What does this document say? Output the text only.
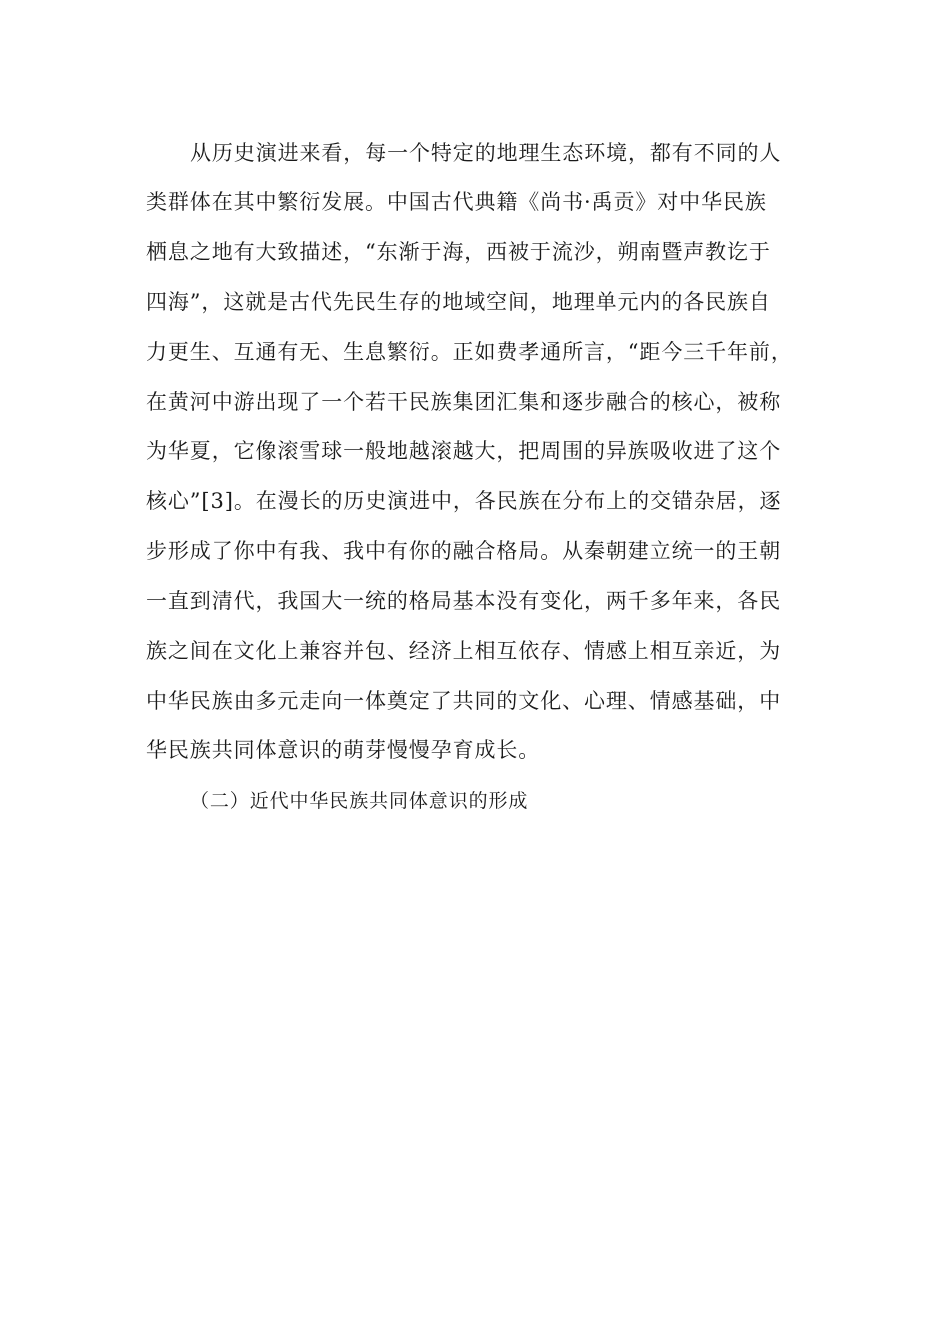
从历史演进来看，每一个特定的地理生态环境，都有不同的人
类群体在其中繁衍发展。中国古代典籍《尚书·禹贡》对中华民族
栖息之地有大致描述，“东渐于海，西被于流沙，朔南暨声教讫于
四海”，这就是古代先民生存的地域空间，地理单元内的各民族自
力更生、互通有无、生息繁衍。正如费孝通所言，“距今三千年前，
在黄河中游出现了一个若干民族集团汇集和逐步融合的核心，被称
为华夏，它像滚雪球一般地越滚越大，把周围的异族吸收进了这个
核心”[3]。在漫长的历史演进中，各民族在分布上的交错杂居，逐
步形成了你中有我、我中有你的融合格局。从秦朝建立统一的王朝
一直到清代，我国大一统的格局基本没有变化，两千多年来，各民
族之间在文化上兼容并包、经济上相互依存、情感上相互亲近，为
中华民族由多元走向一体奠定了共同的文化、心理、情感基础，中
华民族共同体意识的萌芽慢慢孕育成长。
（二）近代中华民族共同体意识的形成
